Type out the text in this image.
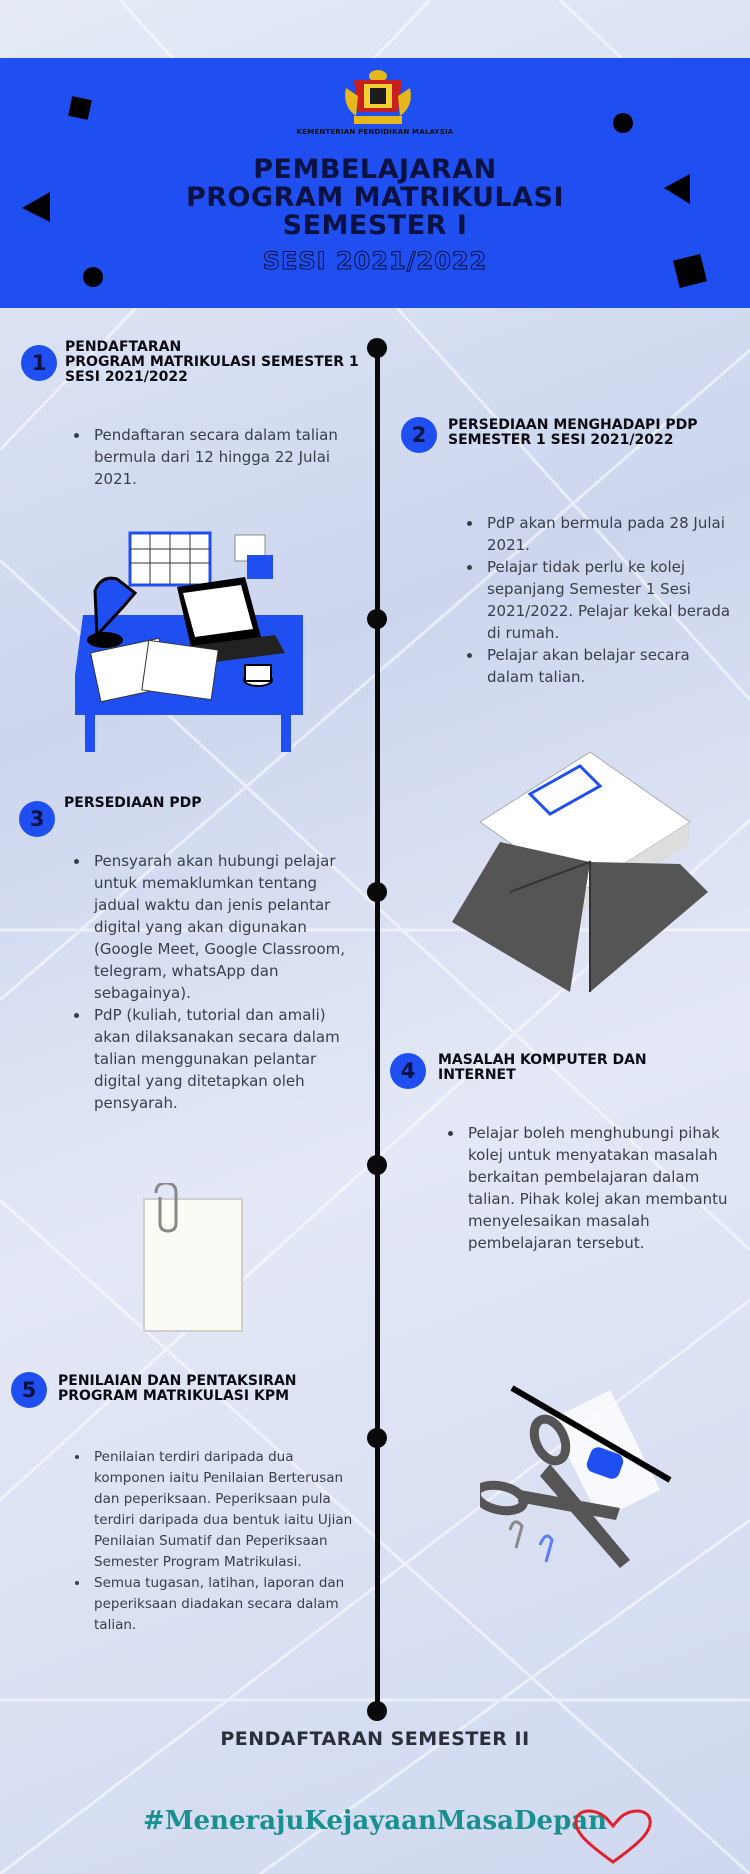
KEMENTERIAN PENDIDIKAN MALAYSIA
PEMBELAJARAN
PROGRAM MATRIKULASI
SEMESTER I
SESI 2021/2022
1
PENDAFTARAN
PROGRAM MATRIKULASI SEMESTER 1
SESI 2021/2022
• Pendaftaran secara dalam talian bermula dari 12 hingga 22 Julai 2021.
2	PERSEDIAAN MENGHADAPI PDP
SEMESTER 1 SESI 2021/2022
• PdP akan bermula pada 28 Julai 2021.
• Pelajar tidak perlu ke kolej sepanjang Semester 1 Sesi 2021/2022. Pelajar kekal berada di rumah.
• Pelajar akan belajar secara dalam talian.
3
PERSEDIAAN PDP
• Pensyarah akan hubungi pelajar untuk memaklumkan tentang jadual waktu dan jenis pelantar digital yang akan digunakan (Google Meet, Google Classroom, telegram, whatsApp dan sebagainya).
• PdP (kuliah, tutorial dan amali) akan dilaksanakan secara dalam talian menggunakan pelantar digital yang ditetapkan oleh pensyarah.
4	MASALAH KOMPUTER DAN
INTERNET
• Pelajar boleh menghubungi pihak kolej untuk menyatakan masalah berkaitan pembelajaran dalam talian. Pihak kolej akan membantu menyelesaikan masalah pembelajaran tersebut.
5	PENILAIAN DAN PENTAKSIRAN
PROGRAM MATRIKULASI KPM
• Penilaian terdiri daripada dua komponen iaitu Penilaian Berterusan dan peperiksaan. Peperiksaan pula terdiri daripada dua bentuk iaitu Ujian Penilaian Sumatif dan Peperiksaan Semester Program Matrikulasi.
• Semua tugasan, latihan, laporan dan peperiksaan diadakan secara dalam talian.
PENDAFTARAN SEMESTER II
#MenerajuKejayaanMasaDepan
